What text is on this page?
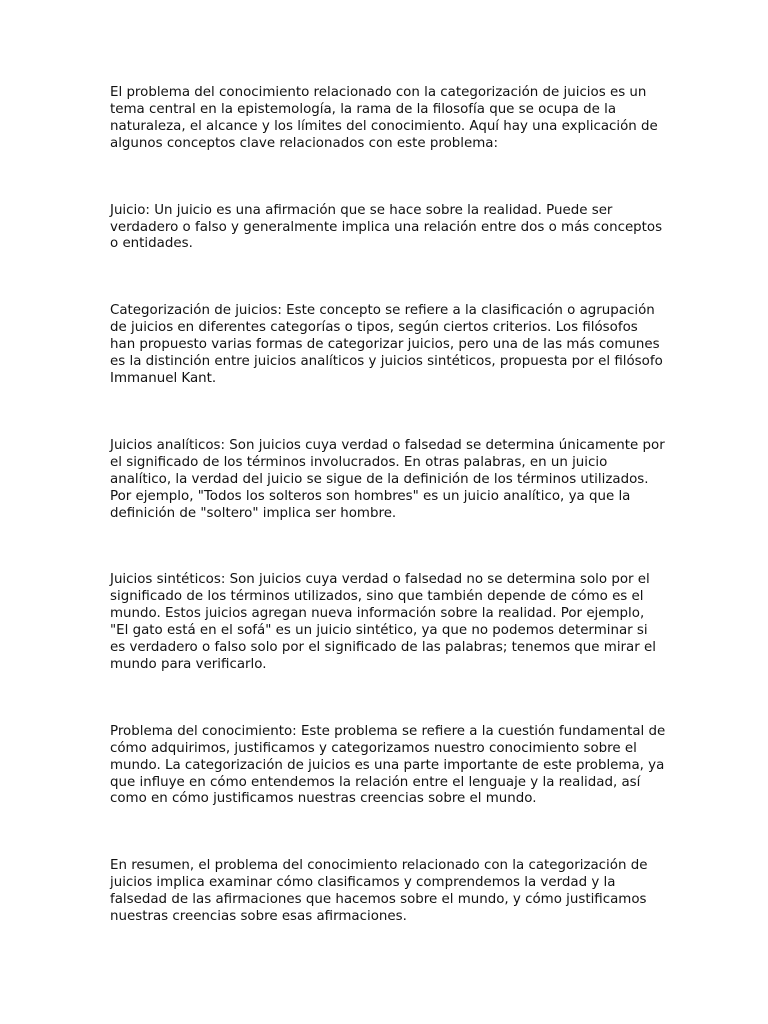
El problema del conocimiento relacionado con la categorización de juicios es un tema central en la epistemología, la rama de la filosofía que se ocupa de la naturaleza, el alcance y los límites del conocimiento. Aquí hay una explicación de algunos conceptos clave relacionados con este problema:

Juicio: Un juicio es una afirmación que se hace sobre la realidad. Puede ser verdadero o falso y generalmente implica una relación entre dos o más conceptos o entidades.

Categorización de juicios: Este concepto se refiere a la clasificación o agrupación de juicios en diferentes categorías o tipos, según ciertos criterios. Los filósofos han propuesto varias formas de categorizar juicios, pero una de las más comunes es la distinción entre juicios analíticos y juicios sintéticos, propuesta por el filósofo Immanuel Kant.

Juicios analíticos: Son juicios cuya verdad o falsedad se determina únicamente por el significado de los términos involucrados. En otras palabras, en un juicio analítico, la verdad del juicio se sigue de la definición de los términos utilizados. Por ejemplo, "Todos los solteros son hombres" es un juicio analítico, ya que la definición de "soltero" implica ser hombre.

Juicios sintéticos: Son juicios cuya verdad o falsedad no se determina solo por el significado de los términos utilizados, sino que también depende de cómo es el mundo. Estos juicios agregan nueva información sobre la realidad. Por ejemplo, "El gato está en el sofá" es un juicio sintético, ya que no podemos determinar si es verdadero o falso solo por el significado de las palabras; tenemos que mirar el mundo para verificarlo.

Problema del conocimiento: Este problema se refiere a la cuestión fundamental de cómo adquirimos, justificamos y categorizamos nuestro conocimiento sobre el mundo. La categorización de juicios es una parte importante de este problema, ya que influye en cómo entendemos la relación entre el lenguaje y la realidad, así como en cómo justificamos nuestras creencias sobre el mundo.

En resumen, el problema del conocimiento relacionado con la categorización de juicios implica examinar cómo clasificamos y comprendemos la verdad y la falsedad de las afirmaciones que hacemos sobre el mundo, y cómo justificamos nuestras creencias sobre esas afirmaciones.
